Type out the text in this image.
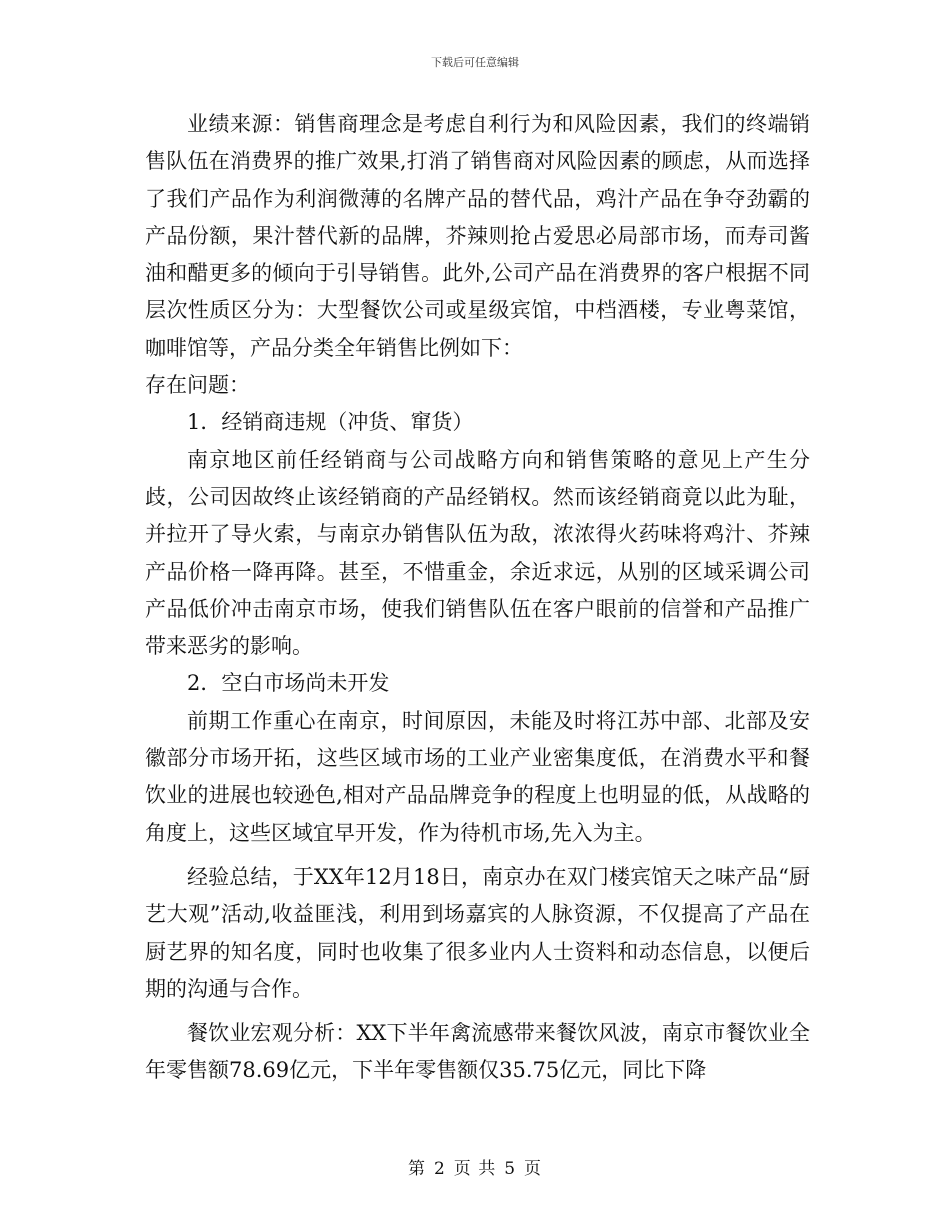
下载后可任意编辑

业绩来源：销售商理念是考虑自利行为和风险因素，我们的终端销售队伍在消费界的推广效果,打消了销售商对风险因素的顾虑，从而选择了我们产品作为利润微薄的名牌产品的替代品，鸡汁产品在争夺劲霸的产品份额，果汁替代新的品牌，芥辣则抢占爱思必局部市场，而寿司酱油和醋更多的倾向于引导销售。此外,公司产品在消费界的客户根据不同层次性质区分为：大型餐饮公司或星级宾馆，中档酒楼，专业粤菜馆，咖啡馆等，产品分类全年销售比例如下：

存在问题：

1．经销商违规（冲货、窜货）

南京地区前任经销商与公司战略方向和销售策略的意见上产生分歧，公司因故终止该经销商的产品经销权。然而该经销商竟以此为耻，并拉开了导火索，与南京办销售队伍为敌，浓浓得火药味将鸡汁、芥辣产品价格一降再降。甚至，不惜重金，余近求远，从别的区域采调公司产品低价冲击南京市场，使我们销售队伍在客户眼前的信誉和产品推广带来恶劣的影响。

2．空白市场尚未开发

前期工作重心在南京，时间原因，未能及时将江苏中部、北部及安徽部分市场开拓，这些区域市场的工业产业密集度低，在消费水平和餐饮业的进展也较逊色,相对产品品牌竞争的程度上也明显的低，从战略的角度上，这些区域宜早开发，作为待机市场,先入为主。

经验总结，于XX年12月18日，南京办在双门楼宾馆天之味产品“厨艺大观”活动,收益匪浅，利用到场嘉宾的人脉资源，不仅提高了产品在厨艺界的知名度，同时也收集了很多业内人士资料和动态信息，以便后期的沟通与合作。

餐饮业宏观分析：XX下半年禽流感带来餐饮风波，南京市餐饮业全年零售额78.69亿元，下半年零售额仅35.75亿元，同比下降

第 2 页 共 5 页
